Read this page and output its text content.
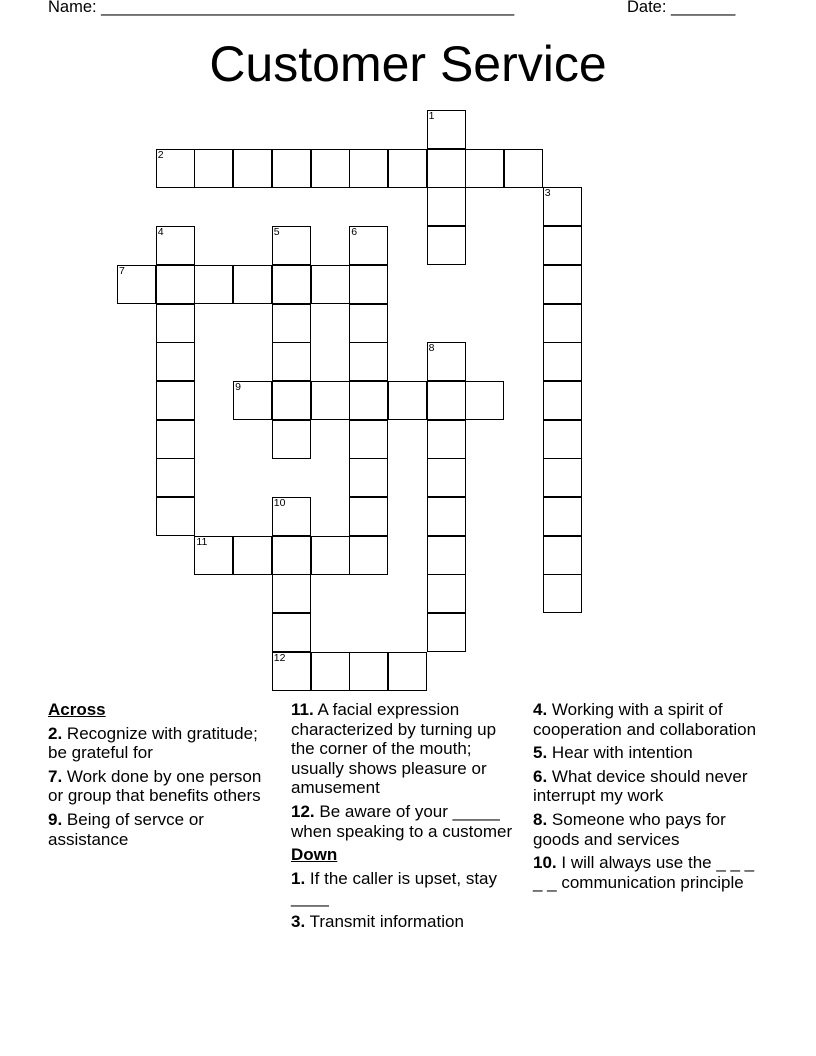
Name: _____________________________________________	Date: _______
Customer Service
1
2
3
4	5	6
7
8
9
10
12
11
Across
2. Recognize with gratitude; be grateful for
7. Work done by one person or group that benefits others
9. Being of servce or assistance
11. A facial expression characterized by turning up the corner of the mouth; usually shows pleasure or amusement
12. Be aware of your _____ when speaking to a customer
Down
1. If the caller is upset, stay ____
3. Transmit information
4. Working with a spirit of cooperation and collaboration
5. Hear with intention
6. What device should never interrupt my work
8. Someone who pays for goods and services
10. I will always use the _ _ _ _ _ communication principle
